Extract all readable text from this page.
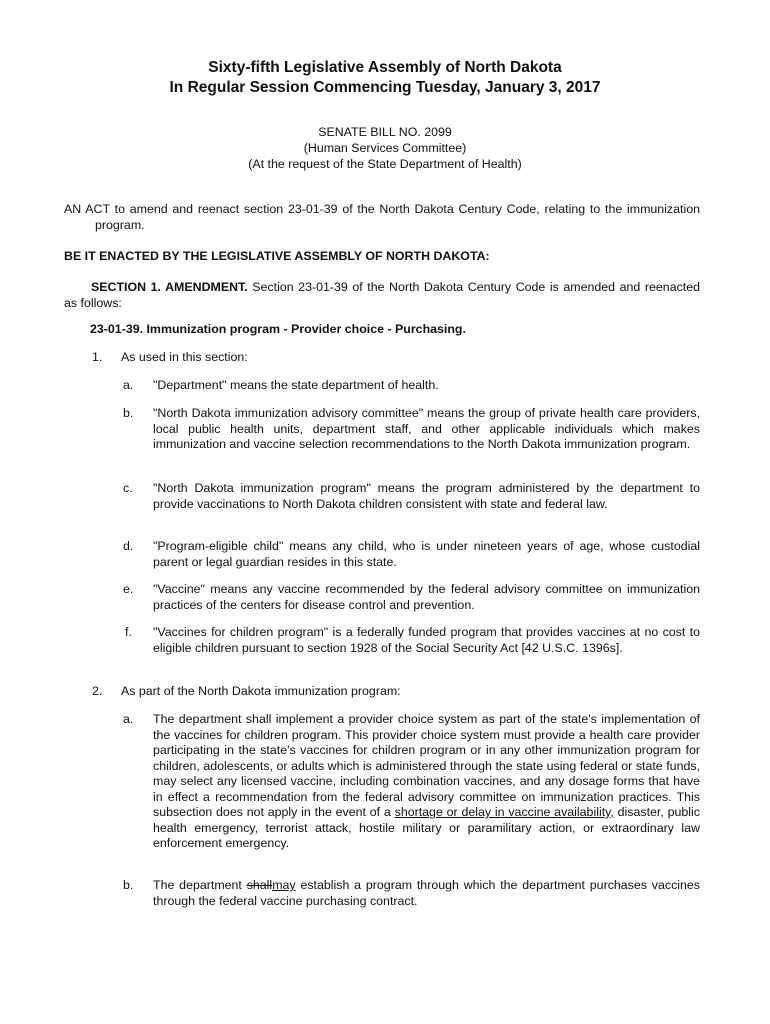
Sixty-fifth Legislative Assembly of North Dakota
In Regular Session Commencing Tuesday, January 3, 2017
SENATE BILL NO. 2099
(Human Services Committee)
(At the request of the State Department of Health)
AN ACT to amend and reenact section 23-01-39 of the North Dakota Century Code, relating to the immunization program.
BE IT ENACTED BY THE LEGISLATIVE ASSEMBLY OF NORTH DAKOTA:
SECTION 1. AMENDMENT. Section 23-01-39 of the North Dakota Century Code is amended and reenacted as follows:
23-01-39. Immunization program - Provider choice - Purchasing.
1. As used in this section:
a. "Department" means the state department of health.
b. "North Dakota immunization advisory committee" means the group of private health care providers, local public health units, department staff, and other applicable individuals which makes immunization and vaccine selection recommendations to the North Dakota immunization program.
c. "North Dakota immunization program" means the program administered by the department to provide vaccinations to North Dakota children consistent with state and federal law.
d. "Program-eligible child" means any child, who is under nineteen years of age, whose custodial parent or legal guardian resides in this state.
e. "Vaccine" means any vaccine recommended by the federal advisory committee on immunization practices of the centers for disease control and prevention.
f. "Vaccines for children program" is a federally funded program that provides vaccines at no cost to eligible children pursuant to section 1928 of the Social Security Act [42 U.S.C. 1396s].
2. As part of the North Dakota immunization program:
a. The department shall implement a provider choice system as part of the state's implementation of the vaccines for children program. This provider choice system must provide a health care provider participating in the state's vaccines for children program or in any other immunization program for children, adolescents, or adults which is administered through the state using federal or state funds, may select any licensed vaccine, including combination vaccines, and any dosage forms that have in effect a recommendation from the federal advisory committee on immunization practices. This subsection does not apply in the event of a shortage or delay in vaccine availability, disaster, public health emergency, terrorist attack, hostile military or paramilitary action, or extraordinary law enforcement emergency.
b. The department shallmay establish a program through which the department purchases vaccines through the federal vaccine purchasing contract.
